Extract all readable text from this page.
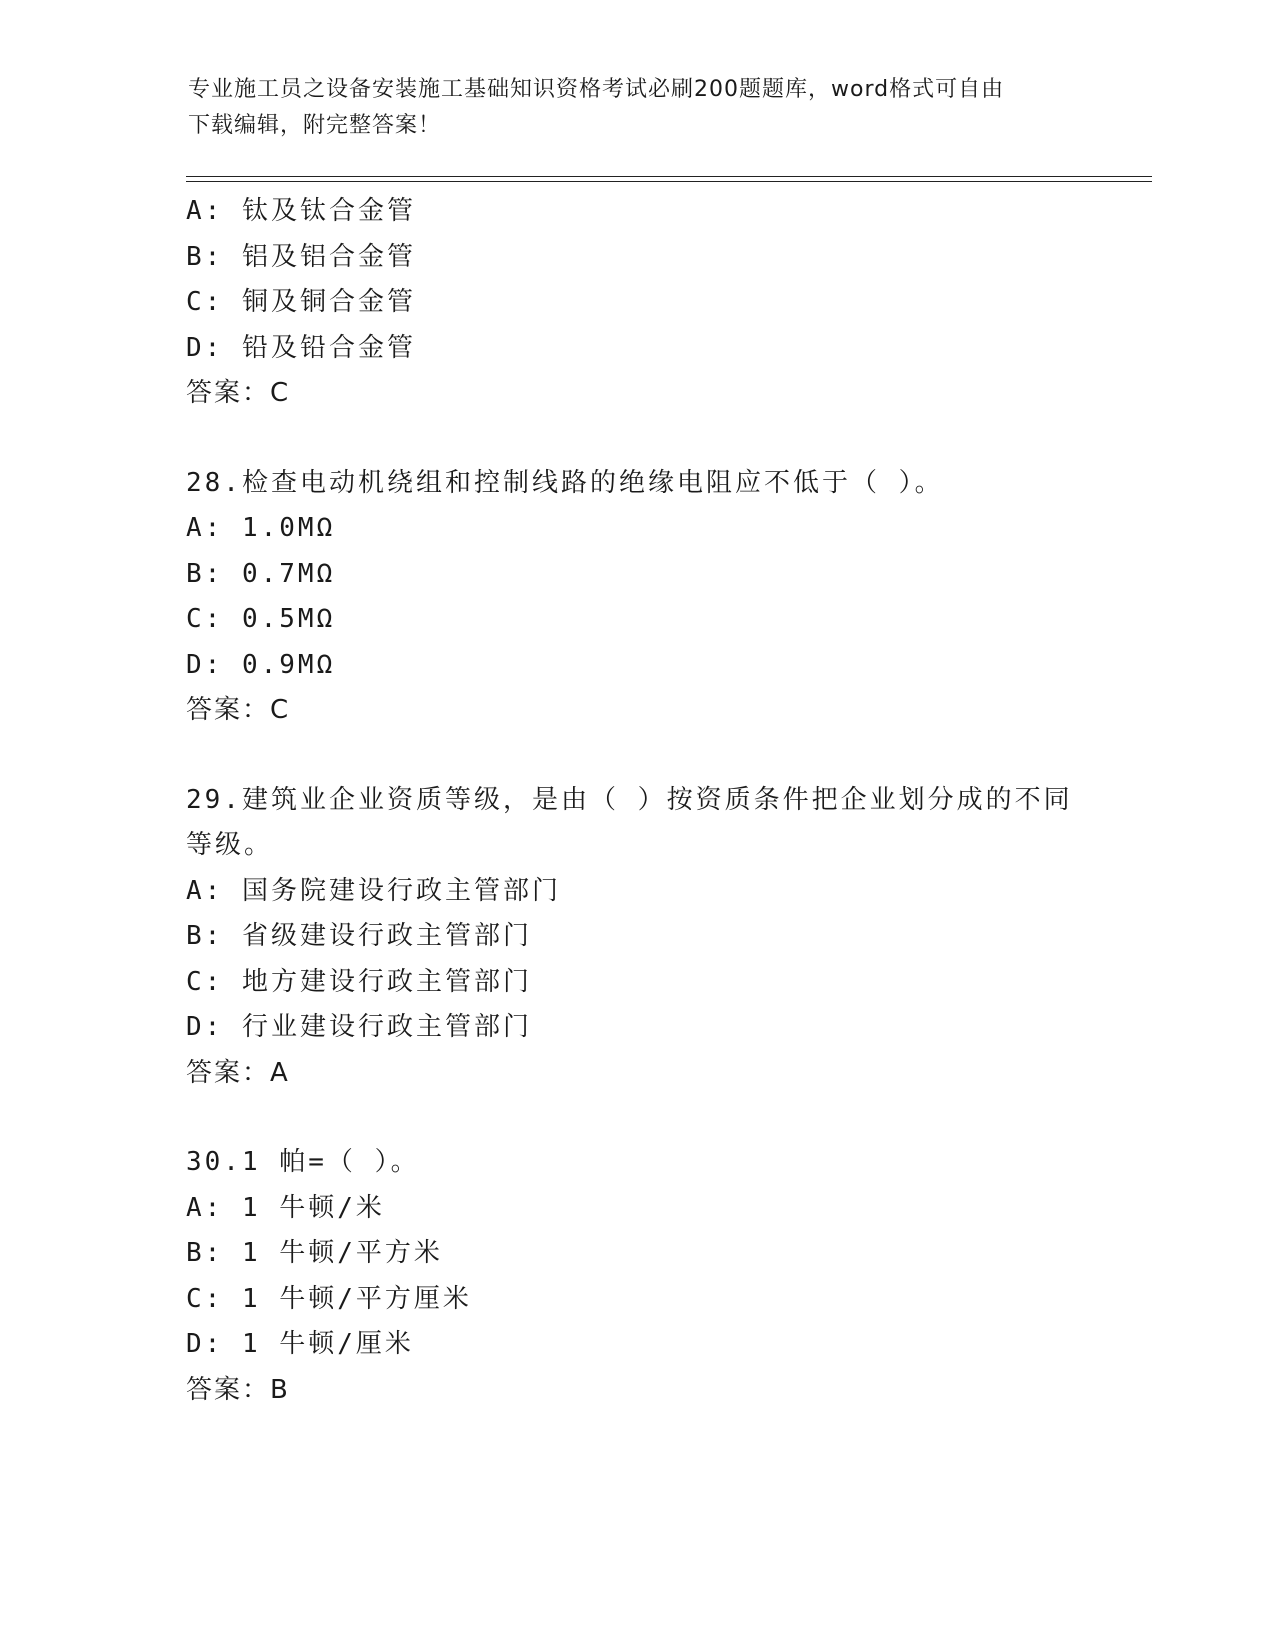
专业施工员之设备安装施工基础知识资格考试必刷200题题库，word格式可自由
下载编辑，附完整答案！
A: 钛及钛合金管
B: 铝及铝合金管
C: 铜及铜合金管
D: 铅及铅合金管
答案：C
28.检查电动机绕组和控制线路的绝缘电阻应不低于（ ）。
A: 1.0MΩ
B: 0.7MΩ
C: 0.5MΩ
D: 0.9MΩ
答案：C
29.建筑业企业资质等级，是由（ ）按资质条件把企业划分成的不同
等级。
A: 国务院建设行政主管部门
B: 省级建设行政主管部门
C: 地方建设行政主管部门
D: 行业建设行政主管部门
答案：A
30.1 帕=（ ）。
A: 1 牛顿/米
B: 1 牛顿/平方米
C: 1 牛顿/平方厘米
D: 1 牛顿/厘米
答案：B
